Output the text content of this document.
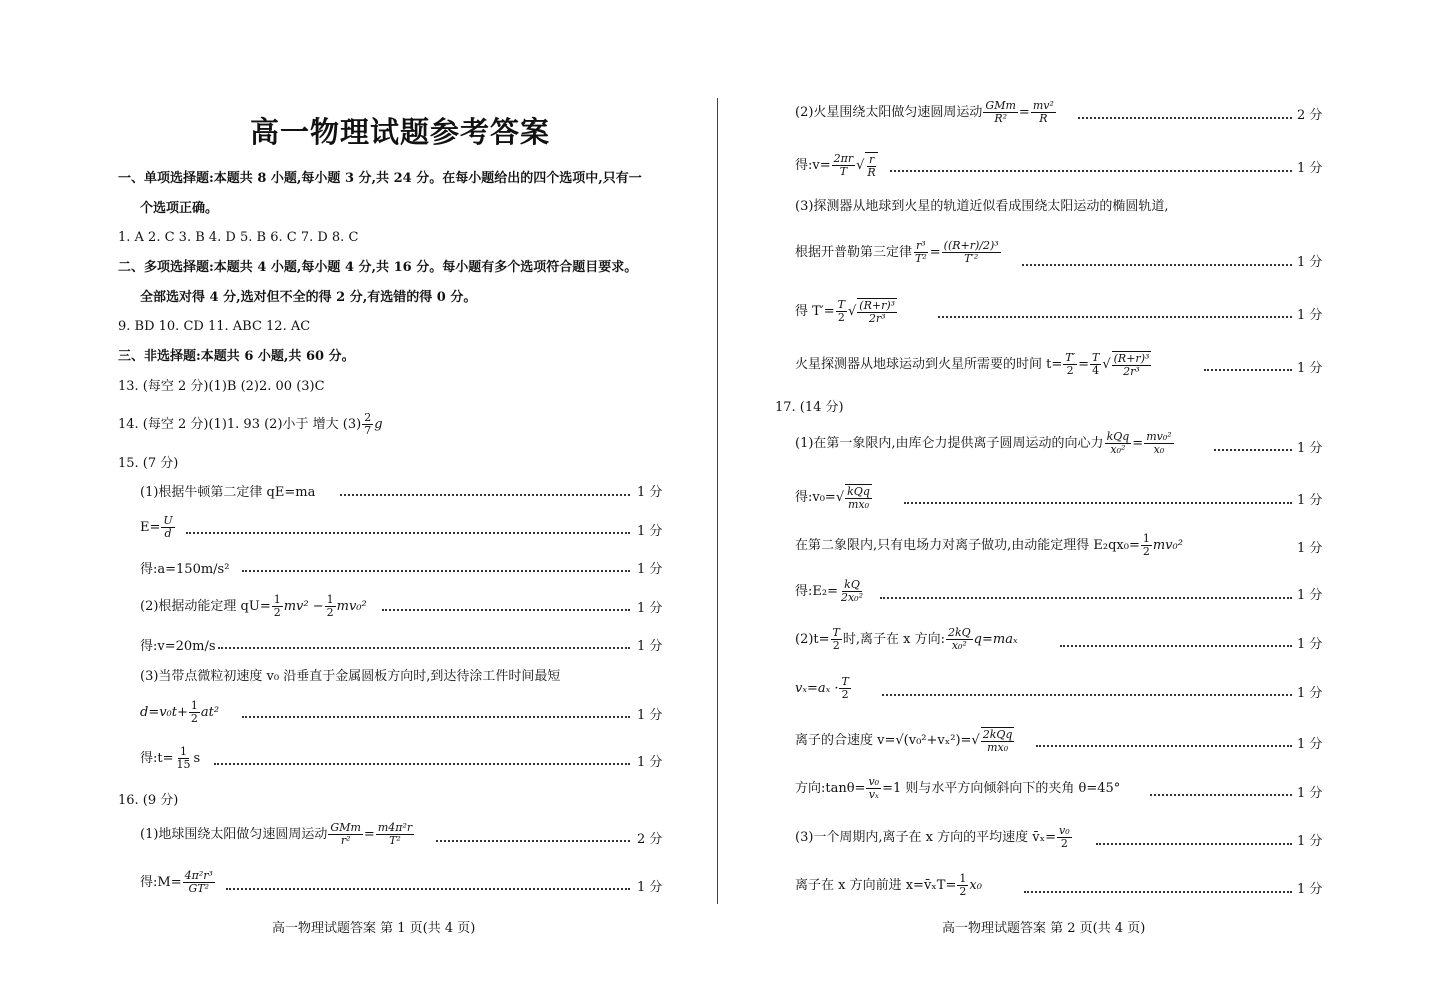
高一物理试题参考答案
一、单项选择题:本题共 8 小题,每小题 3 分,共 24 分。在每小题给出的四个选项中,只有一
个选项正确。
1. A 2. C 3. B 4. D 5. B 6. C 7. D 8. C
二、多项选择题:本题共 4 小题,每小题 4 分,共 16 分。每小题有多个选项符合题目要求。
全部选对得 4 分,选对但不全的得 2 分,有选错的得 0 分。
9. BD 10. CD 11. ABC 12. AC
三、非选择题:本题共 6 小题,共 60 分。
13. (每空 2 分)(1)B (2)2. 00 (3)C
14. (每空 2 分)(1)1. 93 (2)小于 增大 $(3) \frac{2}{7}$ g
15. (7 分)
(1)根据牛顿第二定律 qE=ma	1 分
$E= \frac{U}{d}$	1 分
得:a=150m/s²	1 分
(2)根据动能定理 $qU= \frac{1}{2} mv^2 - \frac{1}{2} mv_0^2$	1 分
得:v=20m/s	1 分
(3)当带点微粒初速度 v₀ 沿垂直于金属圆板方向时,到达待涂工件时间最短
$d=v_0t+ \frac{1}{2} at^2$	1 分
得:t= $\frac{1}{15}$ s	1 分
16. (9 分)
(1)地球围绕太阳做匀速圆周运动 $\frac{\text{GMm}}{\text{r²}} = \frac{\text{m4π²r}}{\text{T²}}$	2 分
得:M= $\frac{\text{4π²r³}}{\text{GT²}}$	1 分
高一物理试题答案 第 1 页(共 4 页)
(2)火星围绕太阳做匀速圆周运动 $\frac{\text{GMm}}{\text{R²}} = \frac{\text{mv²}}{R}$	2 分
得:v= $\frac{2\pi r}{T}$ √ $\frac{r}{R}$	1 分
(3)探测器从地球到火星的轨道近似看成围绕太阳运动的椭圆轨道,
根据开普勒第三定律 $\frac{\text{r³}}{\text{T²}} = \frac{\text{((R+r)/2)³}}{\text{T′²}}$	1 分
得 $T'= \frac{T}{2}$ √ $\frac{\text{(R+r)³}}{\text{2r³}}$	1 分
火星探测器从地球运动到火星所需要的时间 $t= \frac{T'}{2} = \frac{T}{4}$ √ $\frac{\text{(R+r)³}}{\text{2r³}}$	1 分
17. (14 分)
(1)在第一象限内,由库仑力提供离子圆周运动的向心力 $\frac{\text{kQq}}{\text{x₀²}} = \frac{\text{mv₀²}}{\text{x₀}}$	1 分
得:v₀=√ $\frac{\text{kQq}}{\text{mx₀}}$	1 分
在第二象限内,只有电场力对离子做功,由动能定理得 $E_2qx_0= \frac{1}{2} mv_0^2$	1 分
得:E₂= $\frac{kQ}{\text{2x₀²}}$	1 分
$(2)t= \frac{T}{2}$ 时,离子在 x 方向: $\frac{2kQ}{\text{x₀²}} q=ma_x$	1 分
$v_x=a_x \cdot \frac{T}{2}$	1 分
离子的合速度 $v=√(v_0^2+v_x^2)=√ \frac{\text{2kQq}}{\text{mx₀}}$	1 分
方向:tanθ= $\frac{\text{v₀}}{\text{vₓ}} =1$ 则与水平方向倾斜向下的夹角 θ=45°	1 分
(3)一个周期内,离子在 x 方向的平均速度 v̄ₓ= $\frac{\text{v₀}}{2}$	1 分
离子在 x 方向前进 x=v̄ₓT= $\frac{1}{2} x_0$	1 分
高一物理试题答案 第 2 页(共 4 页)
